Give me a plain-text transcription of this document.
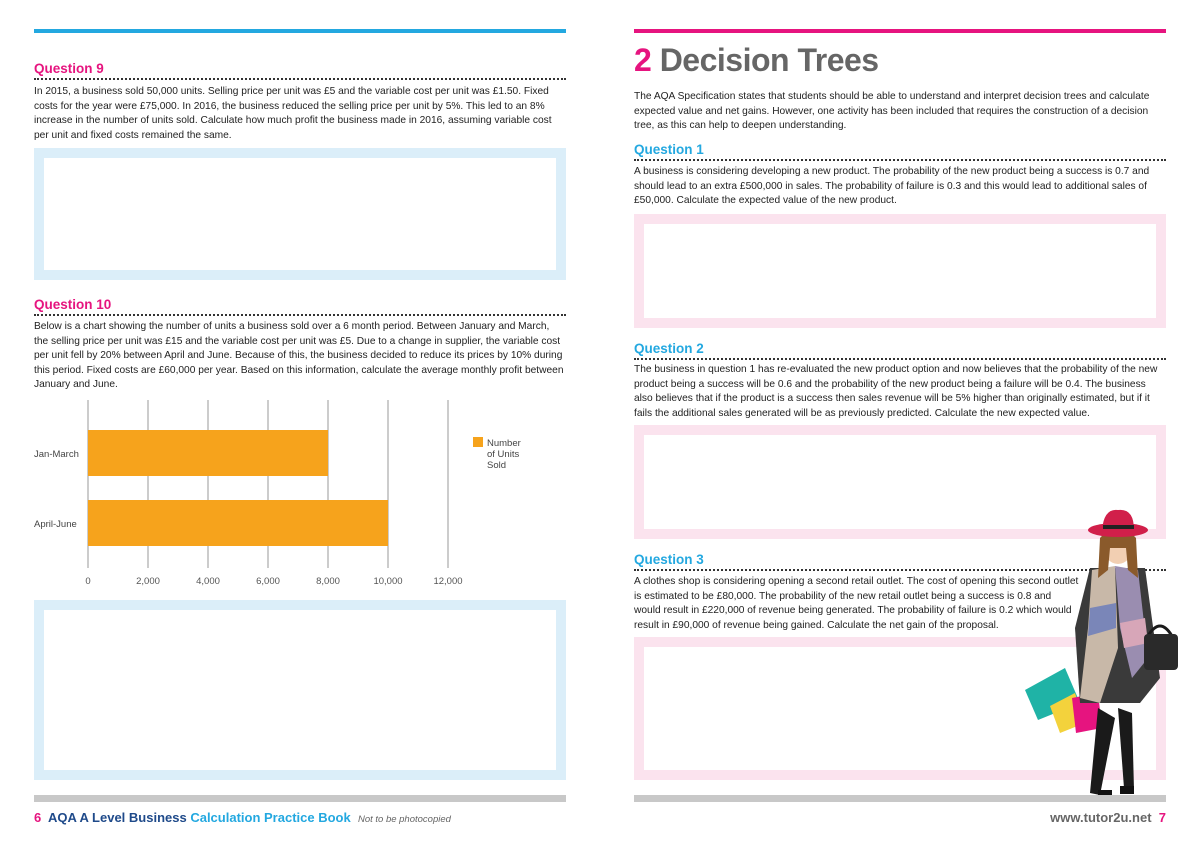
Question 9
In 2015, a business sold 50,000 units. Selling price per unit was £5 and the variable cost per unit was £1.50. Fixed costs for the year were £75,000. In 2016, the business reduced the selling price per unit by 5%. This led to an 8% increase in the number of units sold. Calculate how much profit the business made in 2016, assuming variable cost per unit and fixed costs remained the same.
Question 10
Below is a chart showing the number of units a business sold over a 6 month period. Between January and March, the selling price per unit was £15 and the variable cost per unit was £5. Due to a change in supplier, the variable cost per unit fell by 20% between April and June. Because of this, the business decided to reduce its prices by 10% during this period. Fixed costs are £60,000 per year. Based on this information, calculate the average monthly profit between January and June.
0	2,000	4,000	6,000	8,000	10,000	12,000
Jan-March
April-June
Number of Units Sold
6 AQA A Level Business Calculation Practice Book Not to be photocopied
2 Decision Trees
The AQA Specification states that students should be able to understand and interpret decision trees and calculate expected value and net gains. However, one activity has been included that requires the construction of a decision tree, as this can help to deepen understanding.
Question 1
A business is considering developing a new product. The probability of the new product being a success is 0.7 and should lead to an extra £500,000 in sales. The probability of failure is 0.3 and this would lead to additional sales of £50,000. Calculate the expected value of the new product.
Question 2
The business in question 1 has re-evaluated the new product option and now believes that the probability of the new product being a success will be 0.6 and the probability of the new product being a failure will be 0.4. The business also believes that if the product is a success then sales revenue will be 5% higher than originally estimated, but if it fails the additional sales generated will be as previously predicted. Calculate the new expected value.
Question 3
A clothes shop is considering opening a second retail outlet. The cost of opening this second outlet is estimated to be £80,000. The probability of the new retail outlet being a success is 0.8 and would result in £220,000 of revenue being generated. The probability of failure is 0.2 which would result in £90,000 of revenue being gained. Calculate the net gain of the proposal.
www.tutor2u.net 7
